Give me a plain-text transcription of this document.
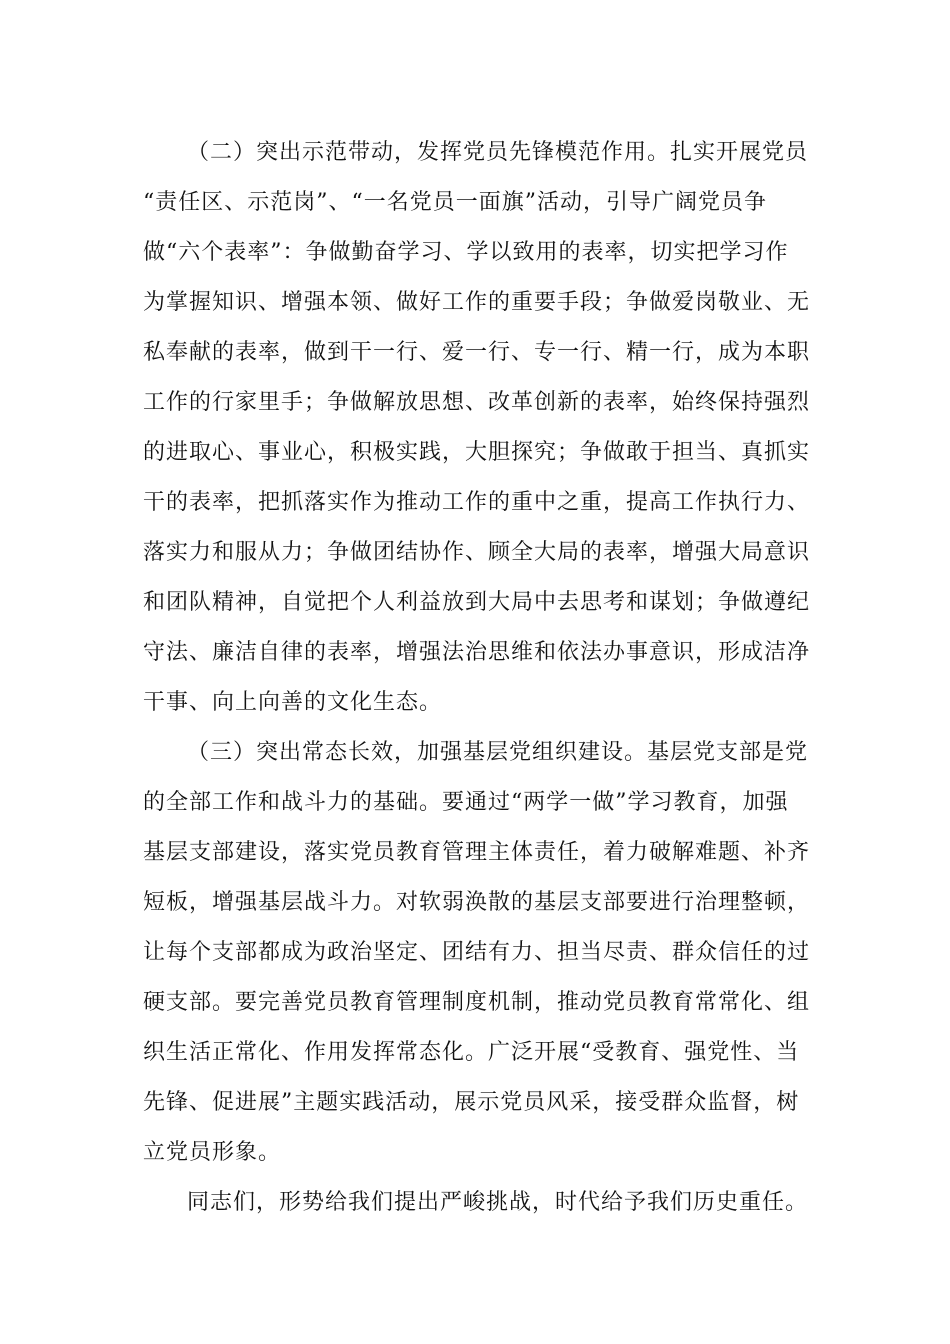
（二）突出示范带动，发挥党员先锋模范作用。扎实开展党员
“责任区、示范岗”、“一名党员一面旗”活动，引导广阔党员争
做“六个表率”：争做勤奋学习、学以致用的表率，切实把学习作
为掌握知识、增强本领、做好工作的重要手段；争做爱岗敬业、无
私奉献的表率，做到干一行、爱一行、专一行、精一行，成为本职
工作的行家里手；争做解放思想、改革创新的表率，始终保持强烈
的进取心、事业心，积极实践，大胆探究；争做敢于担当、真抓实
干的表率，把抓落实作为推动工作的重中之重，提高工作执行力、
落实力和服从力；争做团结协作、顾全大局的表率，增强大局意识
和团队精神，自觉把个人利益放到大局中去思考和谋划；争做遵纪
守法、廉洁自律的表率，增强法治思维和依法办事意识，形成洁净
干事、向上向善的文化生态。

（三）突出常态长效，加强基层党组织建设。基层党支部是党
的全部工作和战斗力的基础。要通过“两学一做”学习教育，加强
基层支部建设，落实党员教育管理主体责任，着力破解难题、补齐
短板，增强基层战斗力。对软弱涣散的基层支部要进行治理整顿，
让每个支部都成为政治坚定、团结有力、担当尽责、群众信任的过
硬支部。要完善党员教育管理制度机制，推动党员教育常常化、组
织生活正常化、作用发挥常态化。广泛开展“受教育、强党性、当
先锋、促进展”主题实践活动，展示党员风采，接受群众监督，树
立党员形象。

同志们，形势给我们提出严峻挑战，时代给予我们历史重任。
